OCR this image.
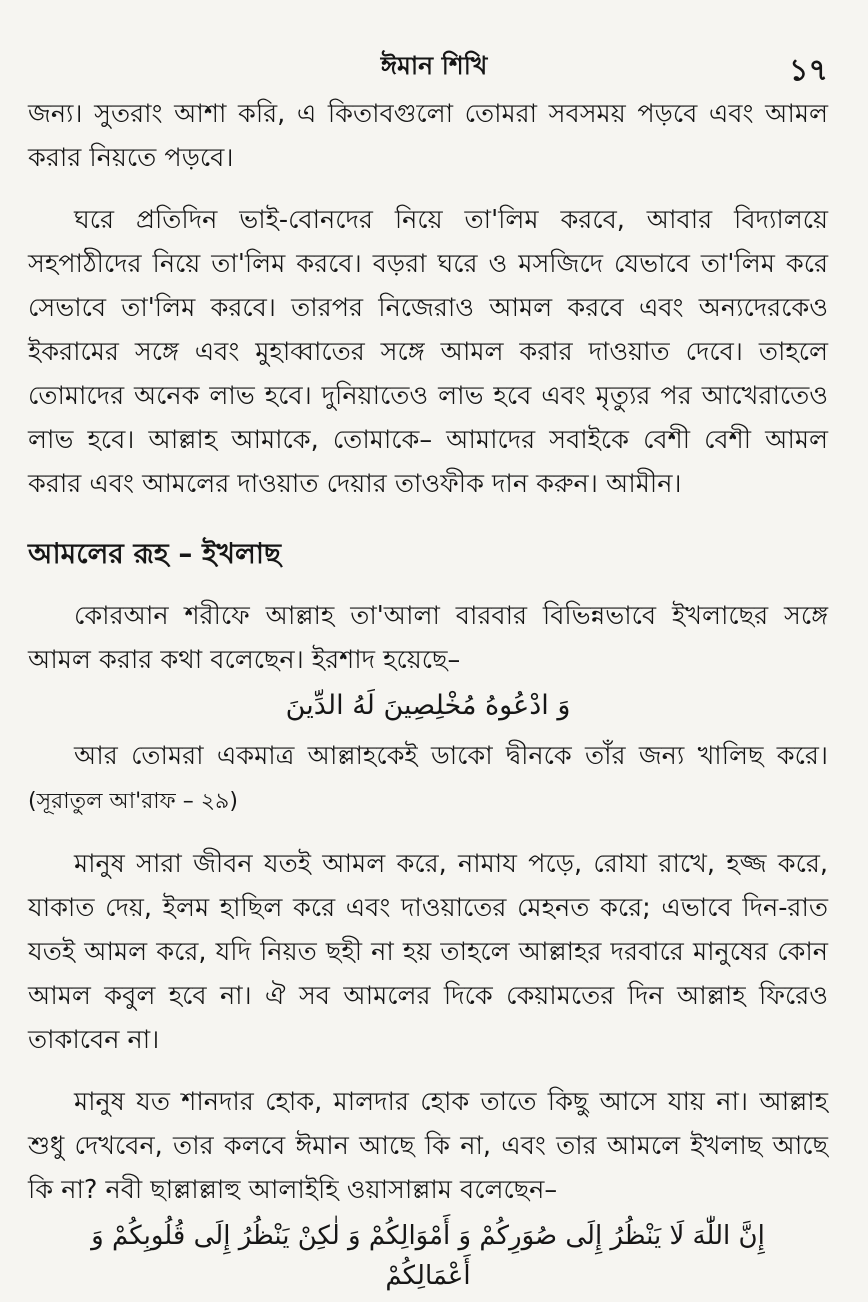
ঈমান শিখি	১৭

জন্য। সুতরাং আশা করি, এ কিতাবগুলো তোমরা সবসময় পড়বে এবং আমল করার নিয়তে পড়বে।

ঘরে প্রতিদিন ভাই-বোনদের নিয়ে তা'লিম করবে, আবার বিদ্যালয়ে সহপাঠীদের নিয়ে তা'লিম করবে। বড়রা ঘরে ও মসজিদে যেভাবে তা'লিম করে সেভাবে তা'লিম করবে। তারপর নিজেরাও আমল করবে এবং অন্যদেরকেও ইকরামের সঙ্গে এবং মুহাব্বাতের সঙ্গে আমল করার দাওয়াত দেবে। তাহলে তোমাদের অনেক লাভ হবে। দুনিয়াতেও লাভ হবে এবং মৃত্যুর পর আখেরাতেও লাভ হবে। আল্লাহ আমাকে, তোমাকে– আমাদের সবাইকে বেশী বেশী আমল করার এবং আমলের দাওয়াত দেয়ার তাওফীক দান করুন। আমীন।

আমলের রূহ – ইখলাছ

কোরআন শরীফে আল্লাহ তা'আলা বারবার বিভিন্নভাবে ইখলাছের সঙ্গে আমল করার কথা বলেছেন। ইরশাদ হয়েছে–

وَ ادْعُوهُ مُخْلِصِينَ لَهُ الدِّينَ

আর তোমরা একমাত্র আল্লাহকেই ডাকো দ্বীনকে তাঁর জন্য খালিছ করে। (সূরাতুল আ'রাফ – ২৯)

মানুষ সারা জীবন যতই আমল করে, নামায পড়ে, রোযা রাখে, হজ্জ করে, যাকাত দেয়, ইলম হাছিল করে এবং দাওয়াতের মেহনত করে; এভাবে দিন-রাত যতই আমল করে, যদি নিয়ত ছহী না হয় তাহলে আল্লাহর দরবারে মানুষের কোন আমল কবুল হবে না। ঐ সব আমলের দিকে কেয়ামতের দিন আল্লাহ ফিরেও তাকাবেন না।

মানুষ যত শানদার হোক, মালদার হোক তাতে কিছু আসে যায় না। আল্লাহ শুধু দেখবেন, তার কলবে ঈমান আছে কি না, এবং তার আমলে ইখলাছ আছে কি না? নবী ছাল্লাল্লাহু আলাইহি ওয়াসাল্লাম বলেছেন–

إِنَّ اللّٰهَ لَا يَنْظُرُ إِلَى صُوَرِكُمْ وَ أَمْوَالِكُمْ وَ لٰكِنْ يَنْظُرُ إِلَى قُلُوبِكُمْ وَ
أَعْمَالِكُمْ
